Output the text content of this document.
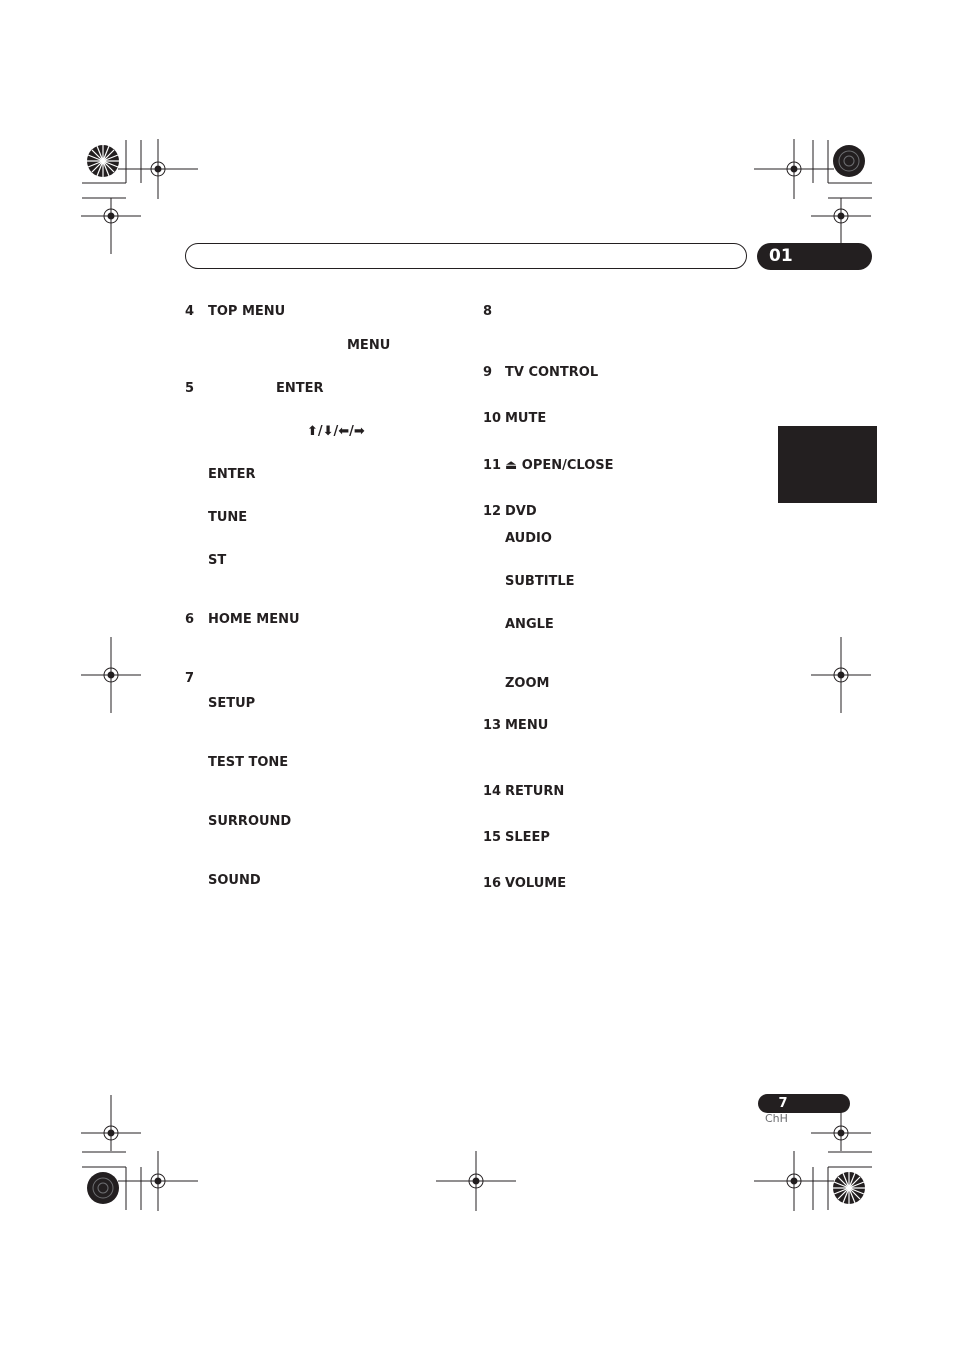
01
4 TOP MENU
MENU
5	ENTER
⬆/⬇/⬅/➡
ENTER
TUNE
ST
6 HOME MENU
7
SETUP
TEST TONE
SURROUND
SOUND
8
9 TV CONTROL
10 MUTE
11 ⏏ OPEN/CLOSE
12 DVD
AUDIO
SUBTITLE
ANGLE
ZOOM
13 MENU
14 RETURN
15 SLEEP
16 VOLUME
7
ChH
